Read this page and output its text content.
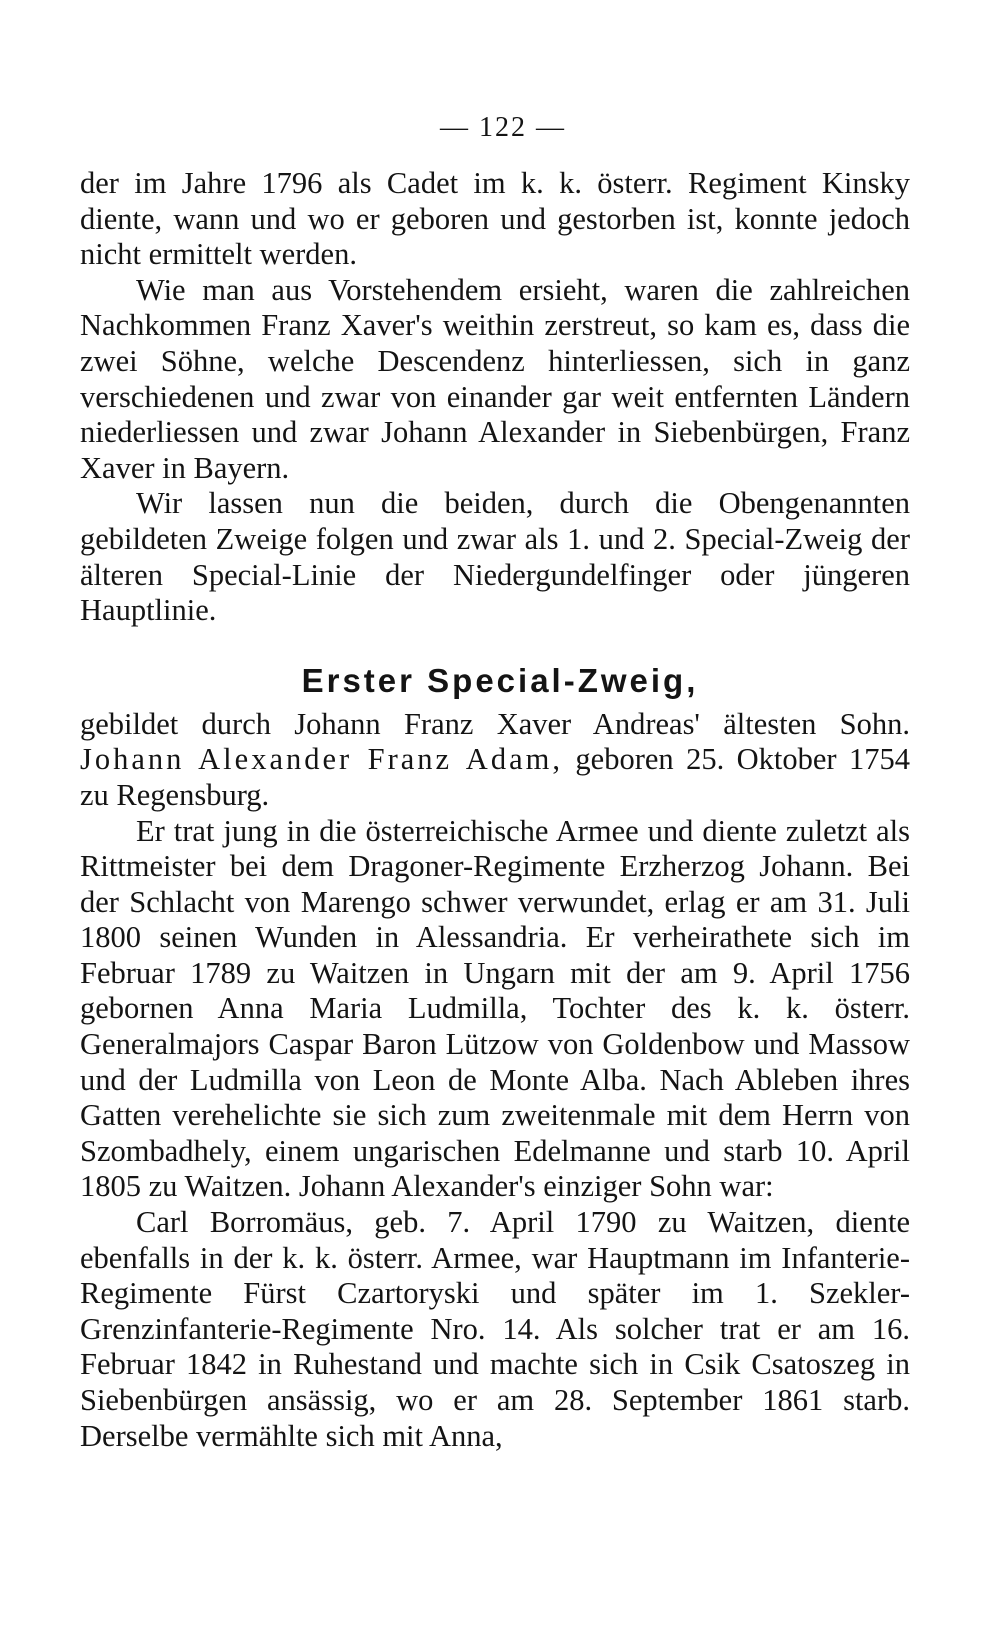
— 122 —

der im Jahre 1796 als Cadet im k. k. österr. Regiment Kinsky diente, wann und wo er geboren und gestorben ist, konnte jedoch nicht ermittelt werden.

Wie man aus Vorstehendem ersieht, waren die zahlreichen Nachkommen Franz Xaver's weithin zerstreut, so kam es, dass die zwei Söhne, welche Descendenz hinterliessen, sich in ganz verschiedenen und zwar von einander gar weit entfernten Ländern niederliessen und zwar Johann Alexander in Siebenbürgen, Franz Xaver in Bayern.

Wir lassen nun die beiden, durch die Obengenannten gebildeten Zweige folgen und zwar als 1. und 2. Special-Zweig der älteren Special-Linie der Niedergundelfinger oder jüngeren Hauptlinie.

Erster Special-Zweig,

gebildet durch Johann Franz Xaver Andreas' ältesten Sohn. Johann Alexander Franz Adam, geboren 25. Oktober 1754 zu Regensburg.

Er trat jung in die österreichische Armee und diente zuletzt als Rittmeister bei dem Dragoner-Regimente Erzherzog Johann. Bei der Schlacht von Marengo schwer verwundet, erlag er am 31. Juli 1800 seinen Wunden in Alessandria. Er verheirathete sich im Februar 1789 zu Waitzen in Ungarn mit der am 9. April 1756 gebornen Anna Maria Ludmilla, Tochter des k. k. österr. Generalmajors Caspar Baron Lützow von Goldenbow und Massow und der Ludmilla von Leon de Monte Alba. Nach Ableben ihres Gatten verehelichte sie sich zum zweitenmale mit dem Herrn von Szombadhely, einem ungarischen Edelmanne und starb 10. April 1805 zu Waitzen. Johann Alexander's einziger Sohn war:

Carl Borromäus, geb. 7. April 1790 zu Waitzen, diente ebenfalls in der k. k. österr. Armee, war Hauptmann im Infanterie-Regimente Fürst Czartoryski und später im 1. Szekler-Grenzinfanterie-Regimente Nro. 14. Als solcher trat er am 16. Februar 1842 in Ruhestand und machte sich in Csik Csatoszeg in Siebenbürgen ansässig, wo er am 28. September 1861 starb. Derselbe vermählte sich mit Anna,
